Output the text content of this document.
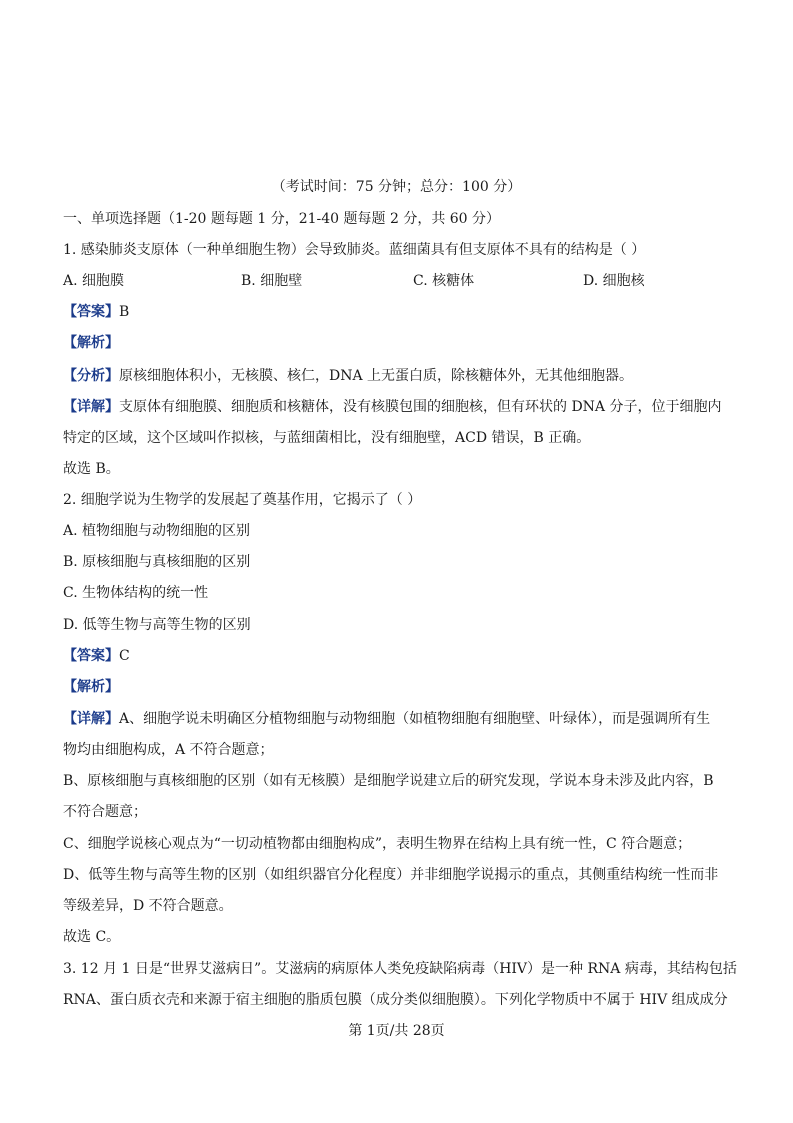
（考试时间：75 分钟；总分：100 分）
一、单项选择题（1-20 题每题 1 分，21-40 题每题 2 分，共 60 分）
1. 感染肺炎支原体（一种单细胞生物）会导致肺炎。蓝细菌具有但支原体不具有的结构是（ ）
A. 细胞膜	B. 细胞壁	C. 核糖体	D. 细胞核
【答案】B
【解析】
【分析】原核细胞体积小，无核膜、核仁，DNA 上无蛋白质，除核糖体外，无其他细胞器。
【详解】支原体有细胞膜、细胞质和核糖体，没有核膜包围的细胞核，但有环状的 DNA 分子，位于细胞内
特定的区域，这个区域叫作拟核，与蓝细菌相比，没有细胞壁，ACD 错误，B 正确。
故选 B。
2. 细胞学说为生物学的发展起了奠基作用，它揭示了（ ）
A. 植物细胞与动物细胞的区别
B. 原核细胞与真核细胞的区别
C. 生物体结构的统一性
D. 低等生物与高等生物的区别
【答案】C
【解析】
【详解】A、细胞学说未明确区分植物细胞与动物细胞（如植物细胞有细胞壁、叶绿体），而是强调所有生
物均由细胞构成，A 不符合题意；
B、原核细胞与真核细胞的区别（如有无核膜）是细胞学说建立后的研究发现，学说本身未涉及此内容，B
不符合题意；
C、细胞学说核心观点为“一切动植物都由细胞构成”，表明生物界在结构上具有统一性，C 符合题意；
D、低等生物与高等生物的区别（如组织器官分化程度）并非细胞学说揭示的重点，其侧重结构统一性而非
等级差异，D 不符合题意。
故选 C。
3. 12 月 1 日是“世界艾滋病日”。艾滋病的病原体人类免疫缺陷病毒（HIV）是一种 RNA 病毒，其结构包括
RNA、蛋白质衣壳和来源于宿主细胞的脂质包膜（成分类似细胞膜）。下列化学物质中不属于 HIV 组成成分
第 1页/共 28页
